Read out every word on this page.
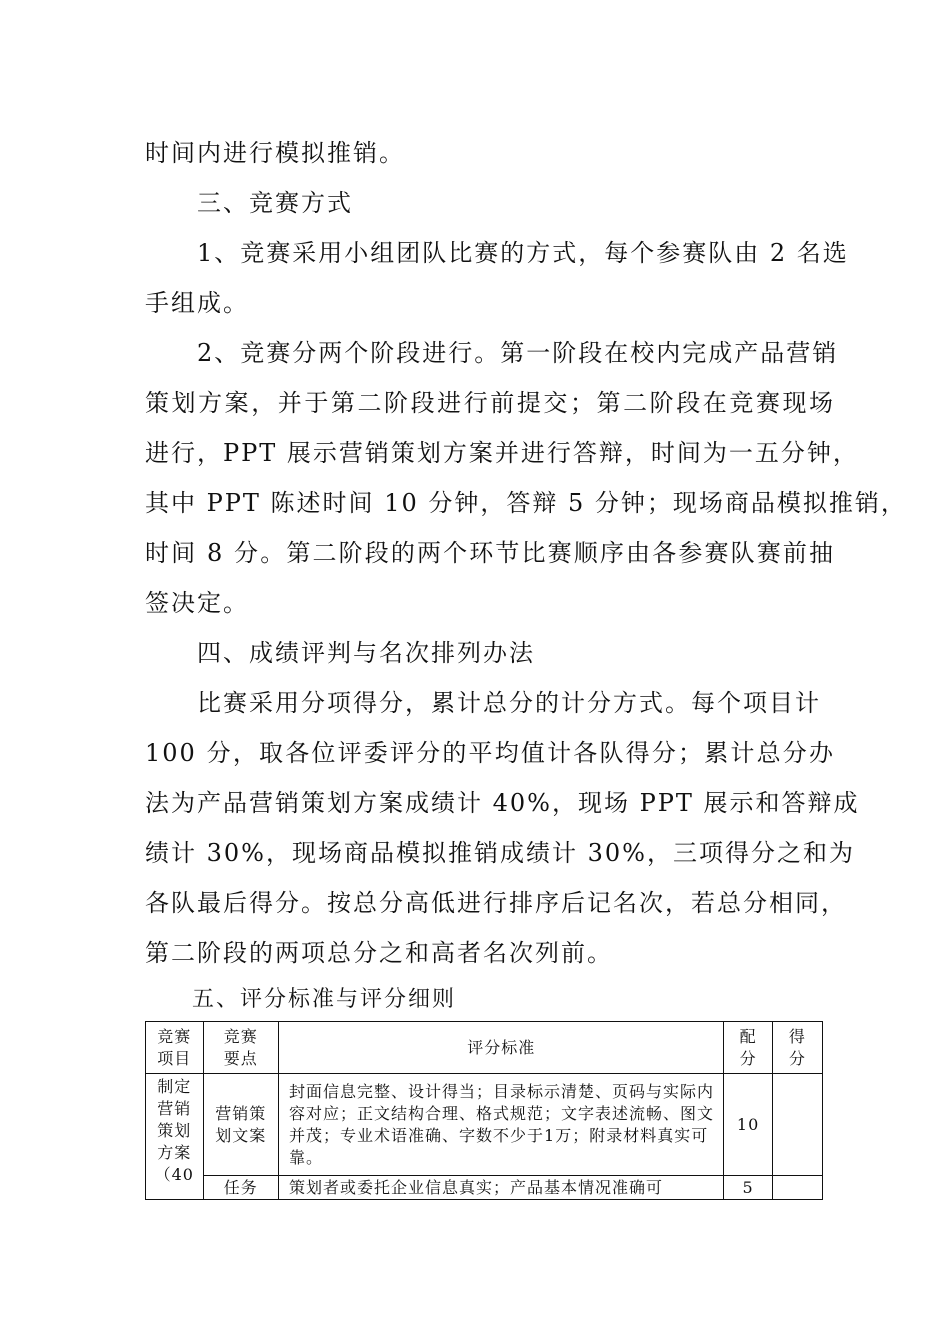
时间内进行模拟推销。

三、竞赛方式

1、竞赛采用小组团队比赛的方式，每个参赛队由 2 名选

手组成。

2、竞赛分两个阶段进行。第一阶段在校内完成产品营销

策划方案，并于第二阶段进行前提交；第二阶段在竞赛现场

进行，PPT 展示营销策划方案并进行答辩，时间为一五分钟，

其中 PPT 陈述时间 10 分钟，答辩 5 分钟；现场商品模拟推销，

时间 8 分。第二阶段的两个环节比赛顺序由各参赛队赛前抽

签决定。

四、成绩评判与名次排列办法

比赛采用分项得分，累计总分的计分方式。每个项目计

100 分，取各位评委评分的平均值计各队得分；累计总分办

法为产品营销策划方案成绩计 40%，现场 PPT 展示和答辩成

绩计 30%，现场商品模拟推销成绩计 30%，三项得分之和为

各队最后得分。按总分高低进行排序后记名次，若总分相同，

第二阶段的两项总分之和高者名次列前。

五、评分标准与评分细则
竞赛项目	竞赛要点	评分标准	配分	得分
制定营销策划方案（40	营销策划文案	封面信息完整、设计得当；目录标示清楚、页码与实际内容对应；正文结构合理、格式规范；文字表述流畅、图文并茂；专业术语准确、字数不少于1万；附录材料真实可靠。	10	
	任务	策划者或委托企业信息真实；产品基本情况准确可	5	
